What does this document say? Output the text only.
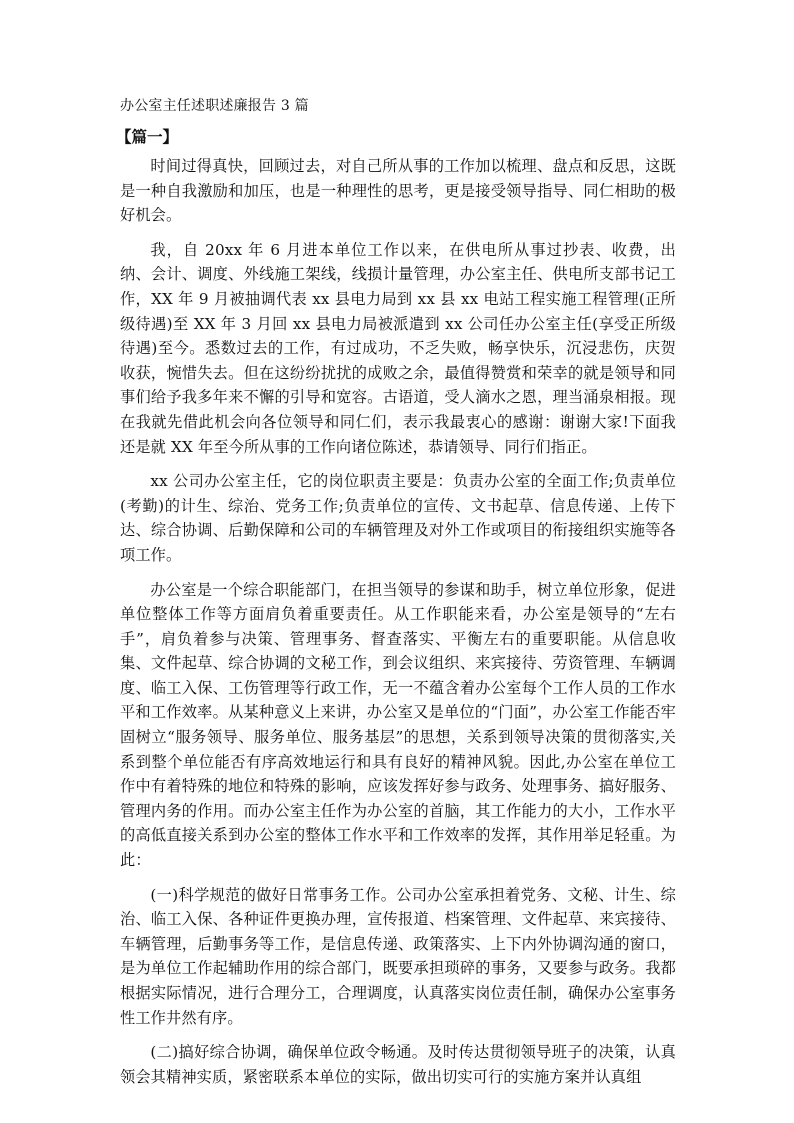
办公室主任述职述廉报告 3 篇
【篇一】

时间过得真快，回顾过去，对自己所从事的工作加以梳理、盘点和反思，这既是一种自我激励和加压，也是一种理性的思考，更是接受领导指导、同仁相助的极好机会。

我，自 20xx 年 6 月进本单位工作以来，在供电所从事过抄表、收费，出纳、会计、调度、外线施工架线，线损计量管理，办公室主任、供电所支部书记工作，XX 年 9 月被抽调代表 xx 县电力局到 xx 县 xx 电站工程实施工程管理(正所级待遇)至 XX 年 3 月回 xx 县电力局被派遣到 xx 公司任办公室主任(享受正所级待遇)至今。悉数过去的工作，有过成功，不乏失败，畅享快乐，沉浸悲伤，庆贺收获，惋惜失去。但在这纷纷扰扰的成败之余，最值得赞赏和荣幸的就是领导和同事们给予我多年来不懈的引导和宽容。古语道，受人滴水之恩，理当涌泉相报。现在我就先借此机会向各位领导和同仁们，表示我最衷心的感谢：谢谢大家!下面我还是就 XX 年至今所从事的工作向诸位陈述，恭请领导、同行们指正。

xx 公司办公室主任，它的岗位职责主要是：负责办公室的全面工作;负责单位(考勤)的计生、综治、党务工作;负责单位的宣传、文书起草、信息传递、上传下达、综合协调、后勤保障和公司的车辆管理及对外工作或项目的衔接组织实施等各项工作。

办公室是一个综合职能部门，在担当领导的参谋和助手，树立单位形象，促进单位整体工作等方面肩负着重要责任。从工作职能来看，办公室是领导的“左右手”，肩负着参与决策、管理事务、督查落实、平衡左右的重要职能。从信息收集、文件起草、综合协调的文秘工作，到会议组织、来宾接待、劳资管理、车辆调度、临工入保、工伤管理等行政工作，无一不蕴含着办公室每个工作人员的工作水平和工作效率。从某种意义上来讲，办公室又是单位的“门面”，办公室工作能否牢固树立“服务领导、服务单位、服务基层”的思想，关系到领导决策的贯彻落实,关系到整个单位能否有序高效地运行和具有良好的精神风貌。因此,办公室在单位工作中有着特殊的地位和特殊的影响，应该发挥好参与政务、处理事务、搞好服务、管理内务的作用。而办公室主任作为办公室的首脑，其工作能力的大小，工作水平的高低直接关系到办公室的整体工作水平和工作效率的发挥，其作用举足轻重。为此：

(一)科学规范的做好日常事务工作。公司办公室承担着党务、文秘、计生、综治、临工入保、各种证件更换办理，宣传报道、档案管理、文件起草、来宾接待、车辆管理，后勤事务等工作，是信息传递、政策落实、上下内外协调沟通的窗口，是为单位工作起辅助作用的综合部门，既要承担琐碎的事务，又要参与政务。我都根据实际情况，进行合理分工，合理调度，认真落实岗位责任制，确保办公室事务性工作井然有序。

(二)搞好综合协调，确保单位政令畅通。及时传达贯彻领导班子的决策，认真领会其精神实质，紧密联系本单位的实际，做出切实可行的实施方案并认真组
